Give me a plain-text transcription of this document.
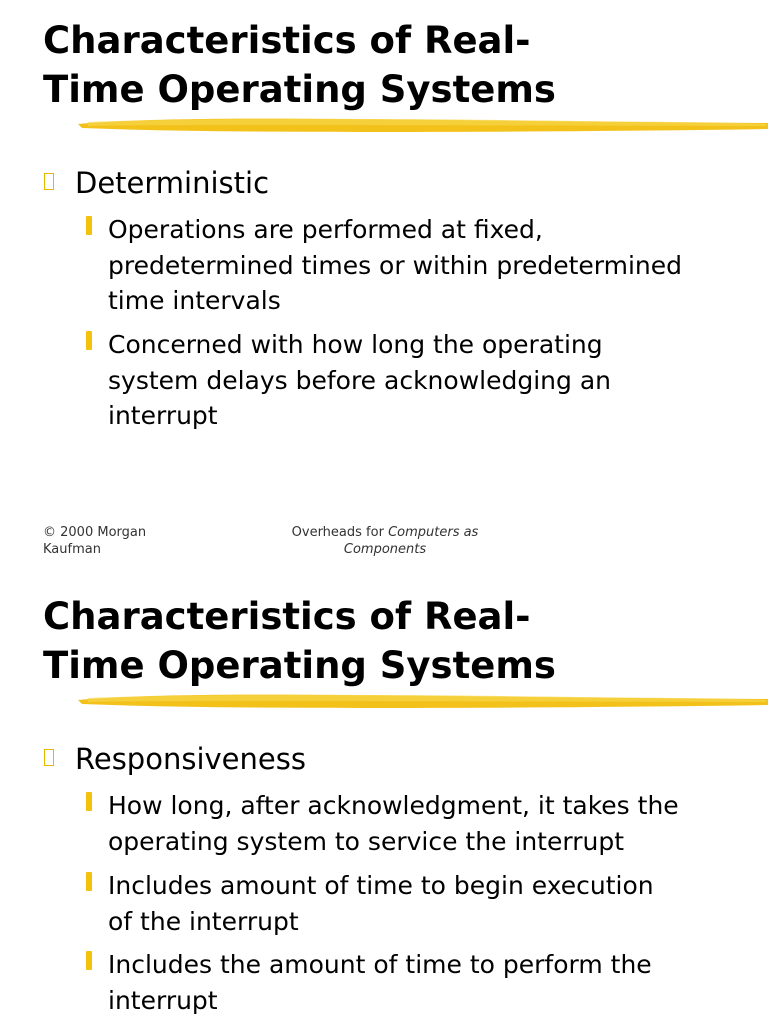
Characteristics of Real-
Time Operating Systems
Deterministic
Operations are performed at fixed,
predetermined times or within predetermined
time intervals
Concerned with how long the operating
system delays before acknowledging an
interrupt
© 2000 Morgan
Kaufman
Overheads for Computers as
Components
Characteristics of Real-
Time Operating Systems
Responsiveness
How long, after acknowledgment, it takes the
operating system to service the interrupt
Includes amount of time to begin execution
of the interrupt
Includes the amount of time to perform the
interrupt
